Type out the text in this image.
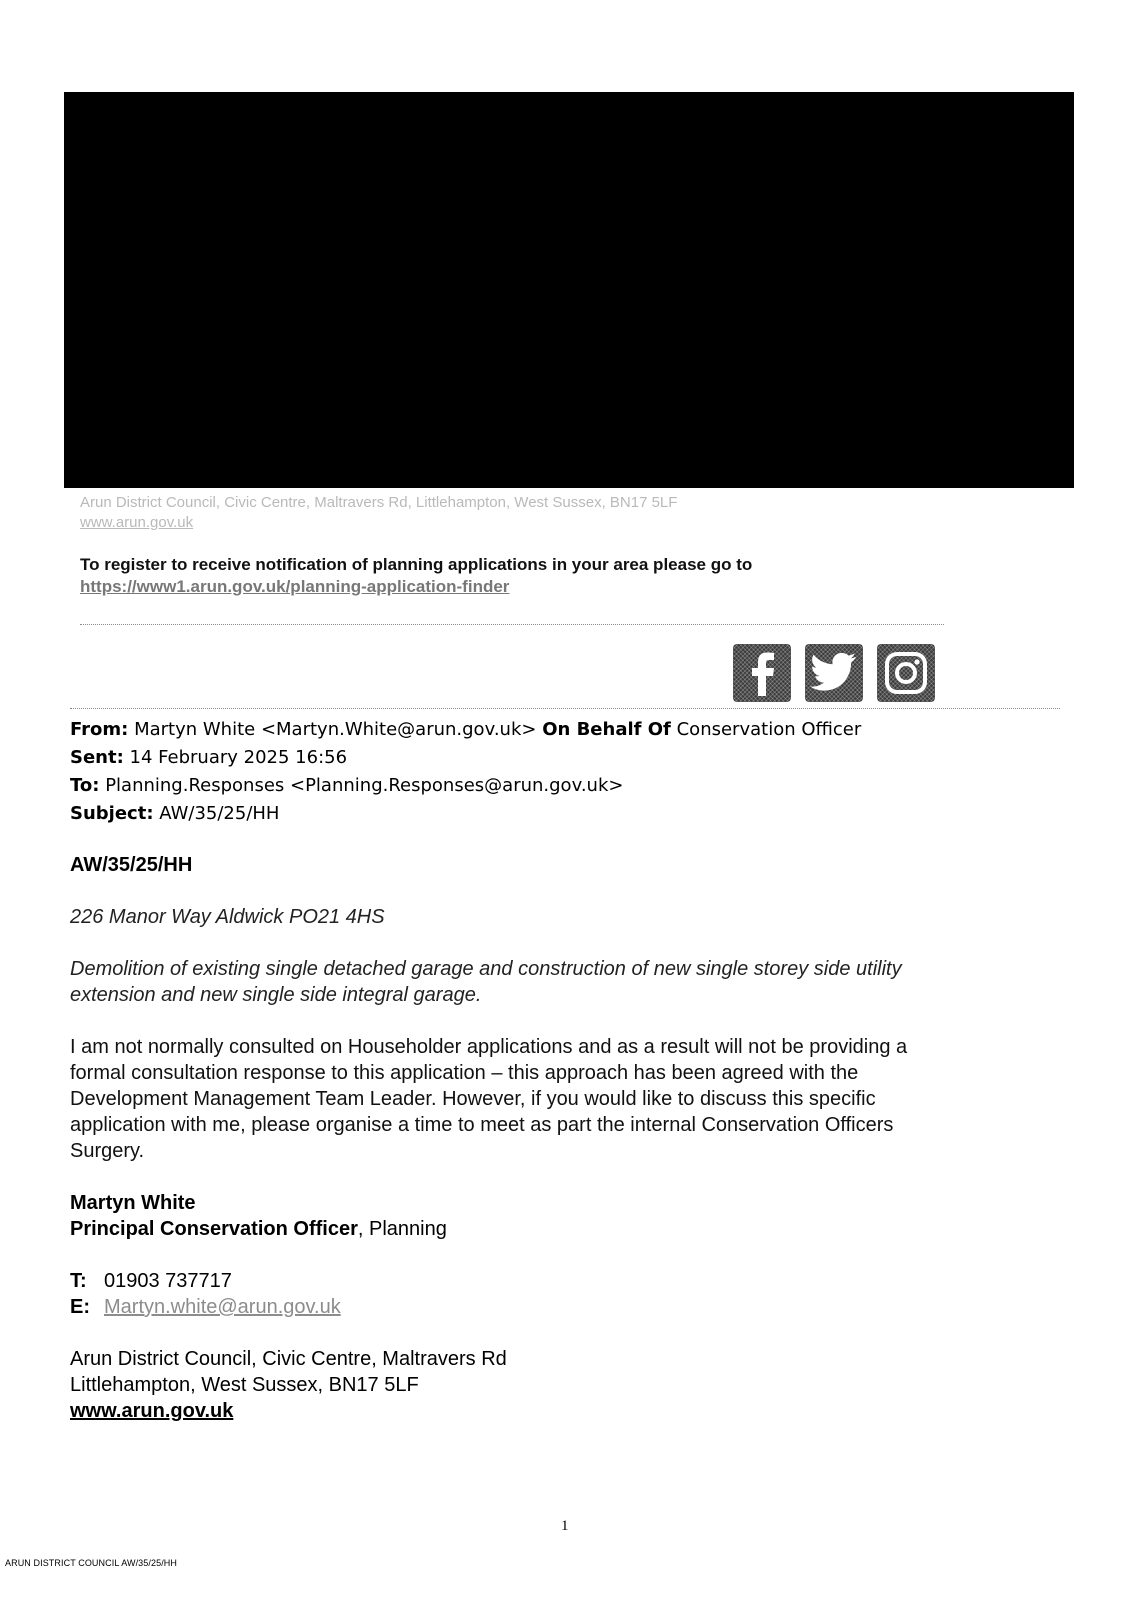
Arun District Council, Civic Centre, Maltravers Rd, Littlehampton, West Sussex, BN17 5LF
www.arun.gov.uk
To register to receive notification of planning applications in your area please go to
https://www1.arun.gov.uk/planning-application-finder
From: Martyn White <Martyn.White@arun.gov.uk> On Behalf Of Conservation Officer
Sent: 14 February 2025 16:56
To: Planning.Responses <Planning.Responses@arun.gov.uk>
Subject: AW/35/25/HH
AW/35/25/HH
226 Manor Way Aldwick PO21 4HS
Demolition of existing single detached garage and construction of new single storey side utility
extension and new single side integral garage.
I am not normally consulted on Householder applications and as a result will not be providing a
formal consultation response to this application – this approach has been agreed with the
Development Management Team Leader. However, if you would like to discuss this specific
application with me, please organise a time to meet as part the internal Conservation Officers
Surgery.
Martyn White
Principal Conservation Officer, Planning
T: 01903 737717
E: Martyn.white@arun.gov.uk
Arun District Council, Civic Centre, Maltravers Rd
Littlehampton, West Sussex, BN17 5LF
www.arun.gov.uk
1
ARUN DISTRICT COUNCIL AW/35/25/HH
